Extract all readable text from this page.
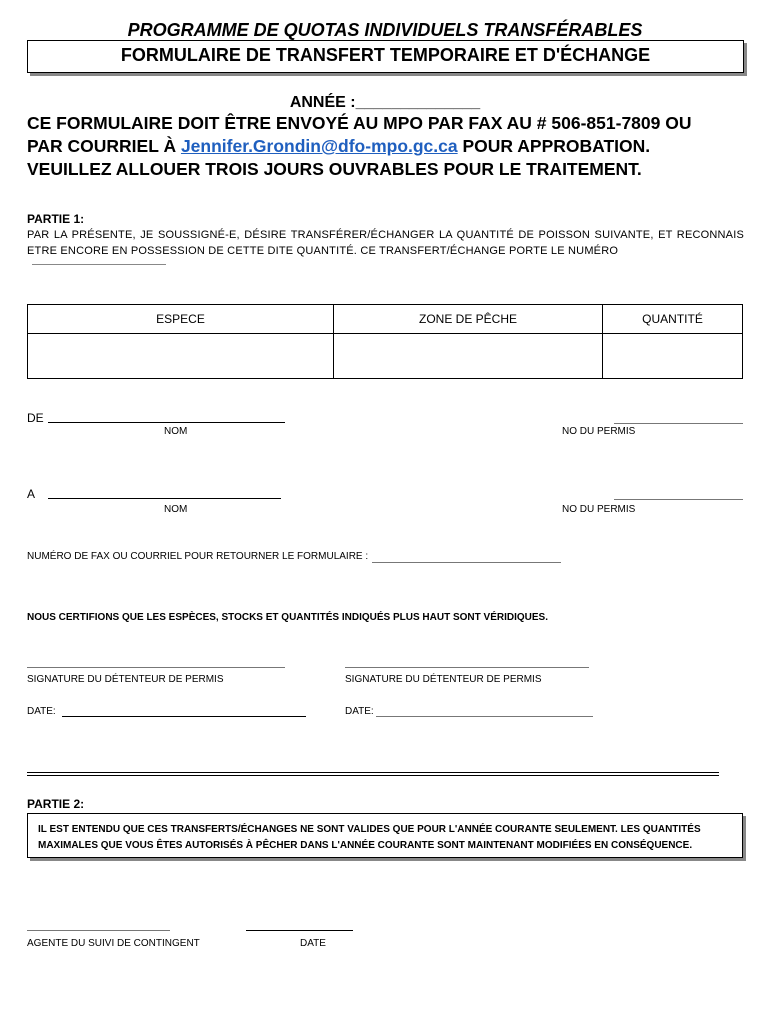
PROGRAMME DE QUOTAS INDIVIDUELS TRANSFÉRABLES
FORMULAIRE DE TRANSFERT TEMPORAIRE ET D'ÉCHANGE
ANNÉE :______________
CE FORMULAIRE DOIT ÊTRE ENVOYÉ AU MPO PAR FAX AU # 506-851-7809 OU
PAR COURRIEL À Jennifer.Grondin@dfo-mpo.gc.ca POUR APPROBATION.
VEUILLEZ ALLOUER TROIS JOURS OUVRABLES POUR LE TRAITEMENT.
PARTIE 1:
PAR LA PRÉSENTE, JE SOUSSIGNÉ-E, DÉSIRE TRANSFÉRER/ÉCHANGER LA QUANTITÉ DE POISSON SUIVANTE, ET RECONNAIS ETRE ENCORE EN POSSESSION DE CETTE DITE QUANTITÉ. CE TRANSFERT/ÉCHANGE PORTE LE NUMÉRO
ESPECE	ZONE DE PÊCHE	QUANTITÉ

DE
NOM	NO DU PERMIS
A
NOM	NO DU PERMIS
NUMÉRO DE FAX OU COURRIEL POUR RETOURNER LE FORMULAIRE :
NOUS CERTIFIONS QUE LES ESPÈCES, STOCKS ET QUANTITÉS INDIQUÉS PLUS HAUT SONT VÉRIDIQUES.
SIGNATURE DU DÉTENTEUR DE PERMIS	SIGNATURE DU DÉTENTEUR DE PERMIS
DATE:	DATE:
PARTIE 2:
IL EST ENTENDU QUE CES TRANSFERTS/ÉCHANGES NE SONT VALIDES QUE POUR L'ANNÉE COURANTE SEULEMENT. LES QUANTITÉS MAXIMALES QUE VOUS ÊTES AUTORISÉS À PÊCHER DANS L'ANNÉE COURANTE SONT MAINTENANT MODIFIÉES EN CONSÉQUENCE.
AGENTE DU SUIVI DE CONTINGENT	DATE
